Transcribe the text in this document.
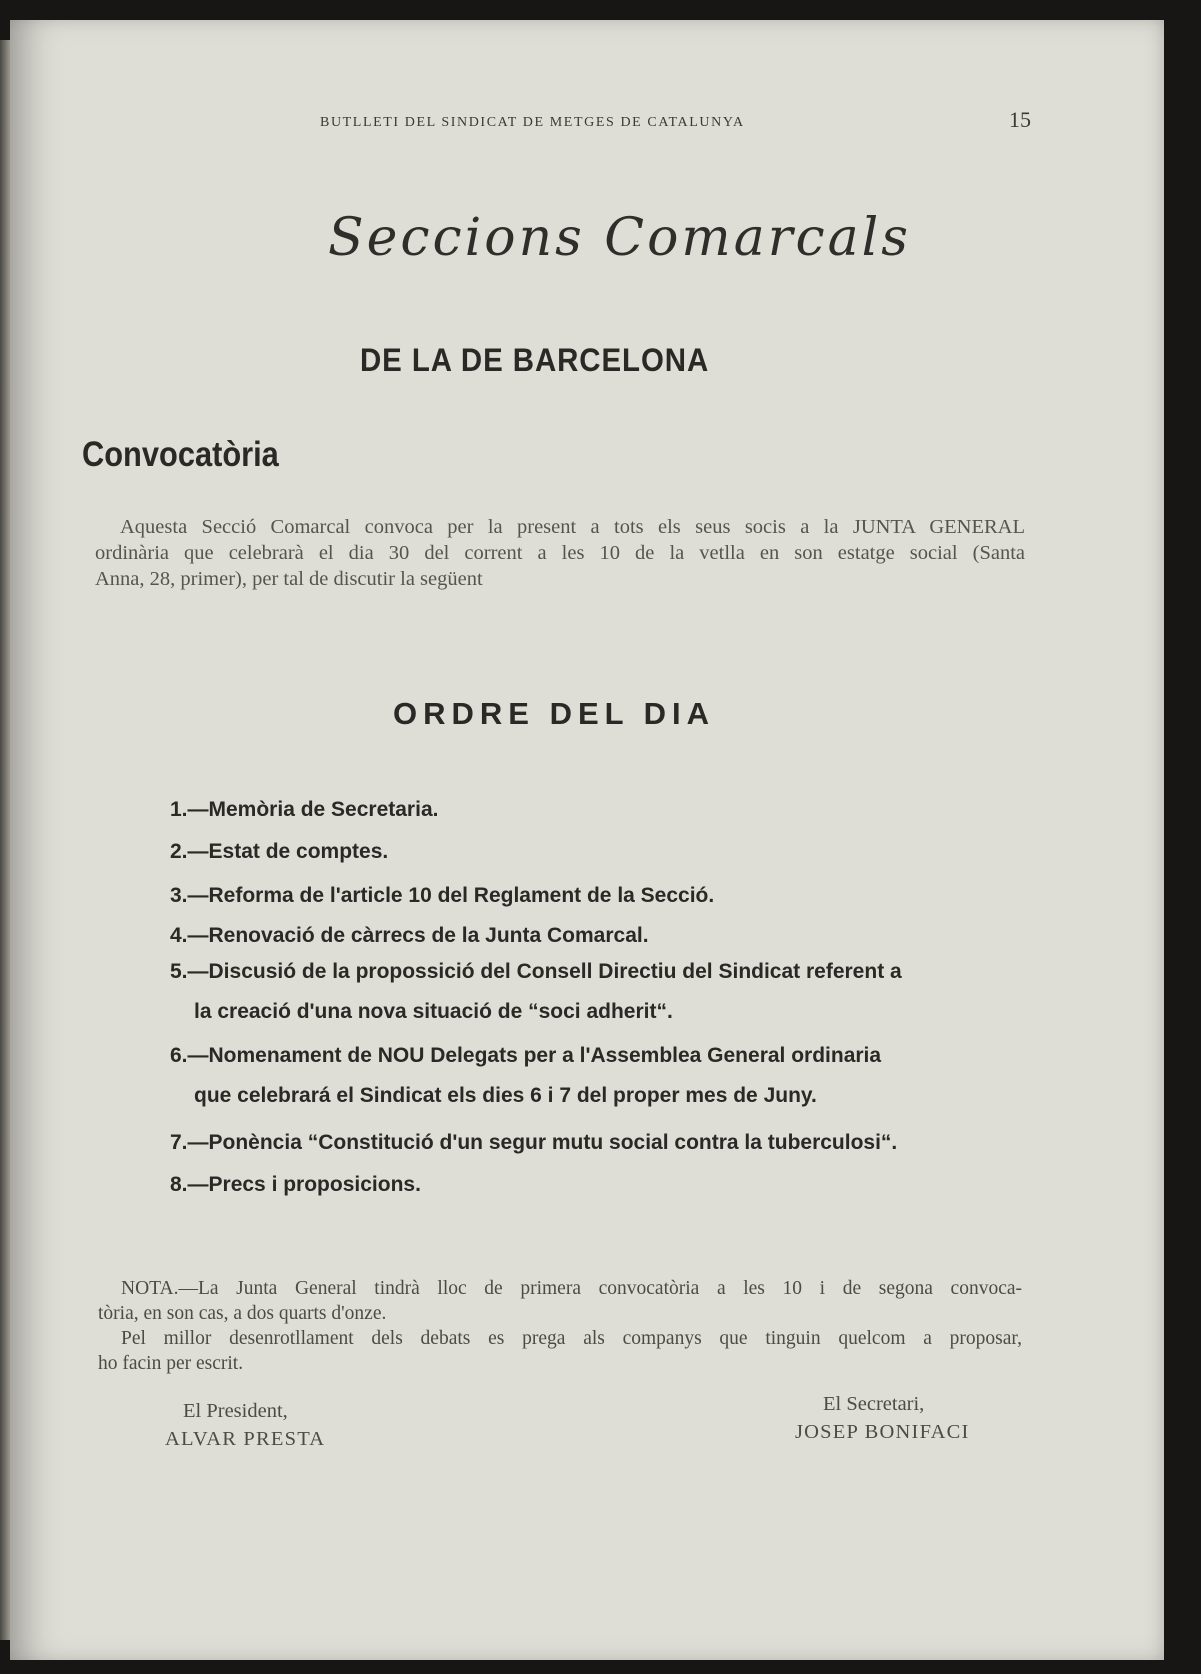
BUTLLETI DEL SINDICAT DE METGES DE CATALUNYA	15
Seccions Comarcals
DE LA DE BARCELONA
Convocatòria
Aquesta Secció Comarcal convoca per la present a tots els seus socis a la JUNTA GENERAL
ordinària que celebrarà el dia 30 del corrent a les 10 de la vetlla en son estatge social (Santa
Anna, 28, primer), per tal de discutir la següent
ORDRE DEL DIA
1.—Memòria de Secretaria.
2.—Estat de comptes.
3.—Reforma de l'article 10 del Reglament de la Secció.
4.—Renovació de càrrecs de la Junta Comarcal.
5.—Discusió de la propossició del Consell Directiu del Sindicat referent a
la creació d'una nova situació de “soci adherit“.
6.—Nomenament de NOU Delegats per a l'Assemblea General ordinaria
que celebrará el Sindicat els dies 6 i 7 del proper mes de Juny.
7.—Ponència “Constitució d'un segur mutu social contra la tuberculosi“.
8.—Precs i proposicions.
NOTA.—La Junta General tindrà lloc de primera convocatòria a les 10 i de segona convoca-
tòria, en son cas, a dos quarts d'onze.
Pel millor desenrotllament dels debats es prega als companys que tinguin quelcom a proposar,
ho facin per escrit.
El President,
ALVAR PRESTA
El Secretari,
JOSEP BONIFACI
